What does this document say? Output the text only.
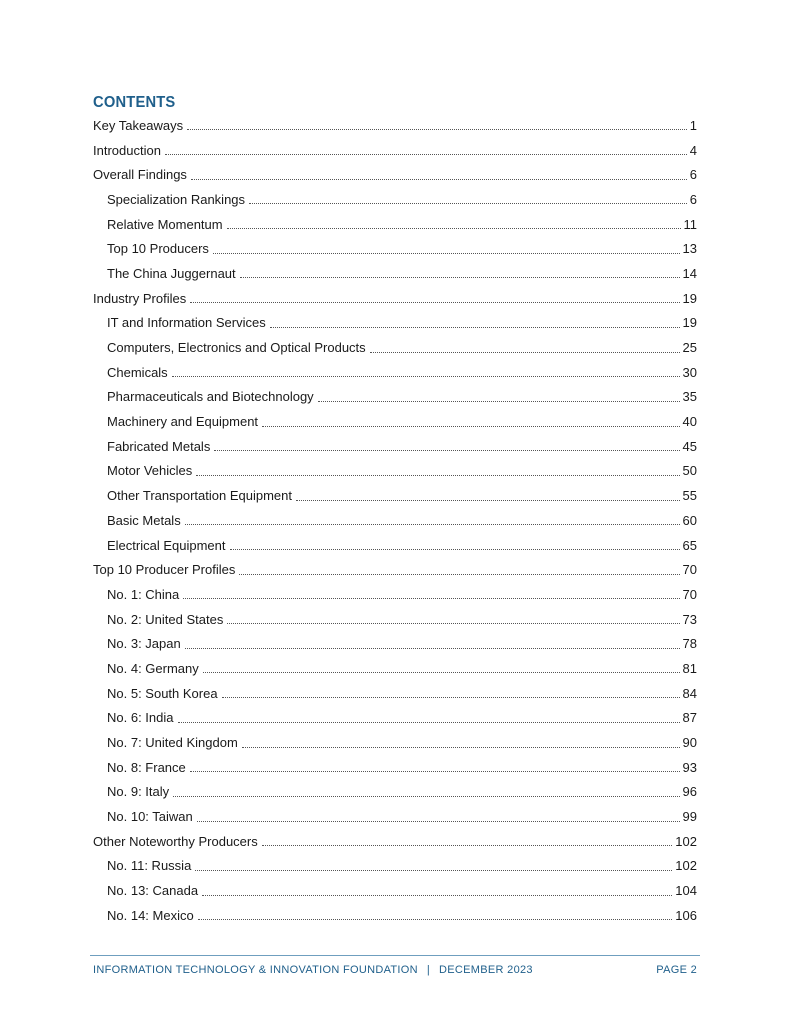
CONTENTS
Key Takeaways	1
Introduction	4
Overall Findings	6
Specialization Rankings	6
Relative Momentum	11
Top 10 Producers	13
The China Juggernaut	14
Industry Profiles	19
IT and Information Services	19
Computers, Electronics and Optical Products	25
Chemicals	30
Pharmaceuticals and Biotechnology	35
Machinery and Equipment	40
Fabricated Metals	45
Motor Vehicles	50
Other Transportation Equipment	55
Basic Metals	60
Electrical Equipment	65
Top 10 Producer Profiles	70
No. 1: China	70
No. 2: United States	73
No. 3: Japan	78
No. 4: Germany	81
No. 5: South Korea	84
No. 6: India	87
No. 7: United Kingdom	90
No. 8: France	93
No. 9: Italy	96
No. 10: Taiwan	99
Other Noteworthy Producers	102
No. 11: Russia	102
No. 13: Canada	104
No. 14: Mexico	106
INFORMATION TECHNOLOGY & INNOVATION FOUNDATION | DECEMBER 2023	PAGE 2
